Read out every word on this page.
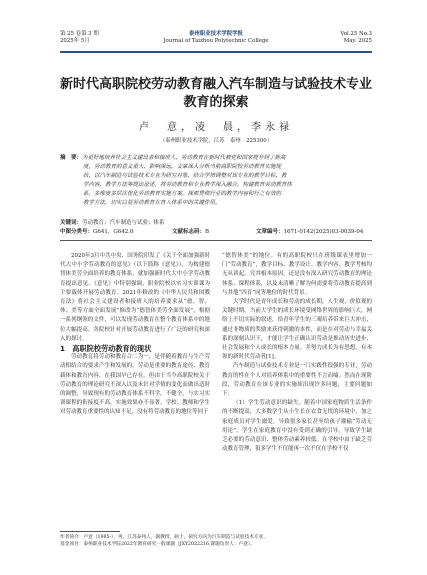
第 25 卷第 3 期
2025年 5月
泰州职业技术学院学报
Journal of Taizhou Polytechnic College
Vol.25 No.3
May. 2025
新时代高职院校劳动教育融入汽车制造与试验技术专业
教育的探索
卢　意，凌　晨，李永禄
（泰州职业技术学院，江苏　泰州　225300）

摘　要：为更好地培养社会主义建设者和接班人，劳动教育在新时代被党和国家提升到了新高

度，劳动教育的意义重大、影响深远。文章深入分析当前高职院校劳动教育实施现

状，以汽车制造与试验技术专业为研究对象，结合学情调整对该专业的教学目标、教

学内容、教学方法等提出论述，将劳动教育和专业教学深入融合，构建教育劳动教育体

系，多维度多层次优化劳动教育实施方案，探索贯彻行业的教学内容和行之有效的

教学方法，切实白显劳动教育在育人体系中的关键作用。

关键词：劳动教育；汽车制造与试验；体系
中图分类号： G641，G642.0	文献标志码： B	文章编号： 1671-0142(2025)03-0039-04

2020年3月中共中央、国务院印发了《关于全面加强新时代大中小学劳动教育的意见》（以下简称《意见》），为构建德智体美劳全面培养的教育体系，就加强新时代大中小学劳动教育提出意见。《意见》中特别强调，职业院校以实习实训课为主要载体开展劳动教育。2021年修改的《中华人民共和国教育法》将社会主义建设者和接班人的培养要求从“德、智、体、美等方面全面发展”修改为“德智体美劳全面发展”，根据一系列纲领的文件，可以发现劳动教育在整个教育体系中的地位大幅提高。各院校针对开展劳动教育进行了广泛的研究和深入的探讨。

1　高职院校劳动教育的现状

劳动教育将劳动和教育合二为一，是伴随着教育与生产劳动相结合的要求产生和发展的。劳动是重要的教育途径、教育载体和教育内容。在我国早已存在。但由于当今高职院校关于劳动教育的理论研究不深入以及未针对学情的变化而做出适时的调整，导致现有的劳动教育体系不科学，不健全，与实习实训课程的衔接度不高，实施效果亦不显著。学校、教师和学生对劳动教育重要性的认知不足，没有将劳动教育的地位等同于

“德智体美”的地位。有的高职院校只在班级课表里增加一门“劳动教育”，教学目标、教学设计、教学内容、教学考核均无从谈起。究其根本原因，还是没有深入研究劳动教育的理论体系、课程体系，以及未清晰了解为何需要将劳动教育提高到与其他“四育”同等地位的时代背景。

大学时代是青年成长和劳动的成长期，人生观、价值观的关键时期。当前大学生的成长环境受网络世界的影响巨大，网络上不切实际的叙述，给青年学生的三观培养带来巨大冲击，通过非物质的奖励来获得刺激的本性，而是在对劳动与幸福关系的深刻认识下，才能让学生正确认识劳动是推动历史进步、社会发展和个人成长的根本力量。并努力成长为有思想，有本领的新时代劳动者[1]。

汽车制造与试验技术专业是一门实践性很强的专业，劳动教育的性在个人对培养体系中的重要性不言而喻。然而在现阶段，劳动教育在该专业的实施却出现许多问题，主要问题如下：

（1）学生劳动意识的缺失。随着中国家庭物质生活条件的不断提高，大多数学生从小生长在衣食无忧的环境中，加之家庭成员对学生溺爱，导致很多家长甚至给孩子灌输“劳动无用论”。学生在家庭教育中没有受到正确的引导，导致学生缺乏必要的劳动意识、整体劳动素养较低。在学校中由于缺乏劳动教育管理，很多学生不仅能再一次不仅在学校不仅

作者简介：卢意（1985-），男，江苏泰州人，副教授，硕士，研究方向为汽车制造与试验技术专业。

基金项目：泰州职业技术学院2022年教育研究一般课题（JXY2022216,课题负责人：卢意）。
